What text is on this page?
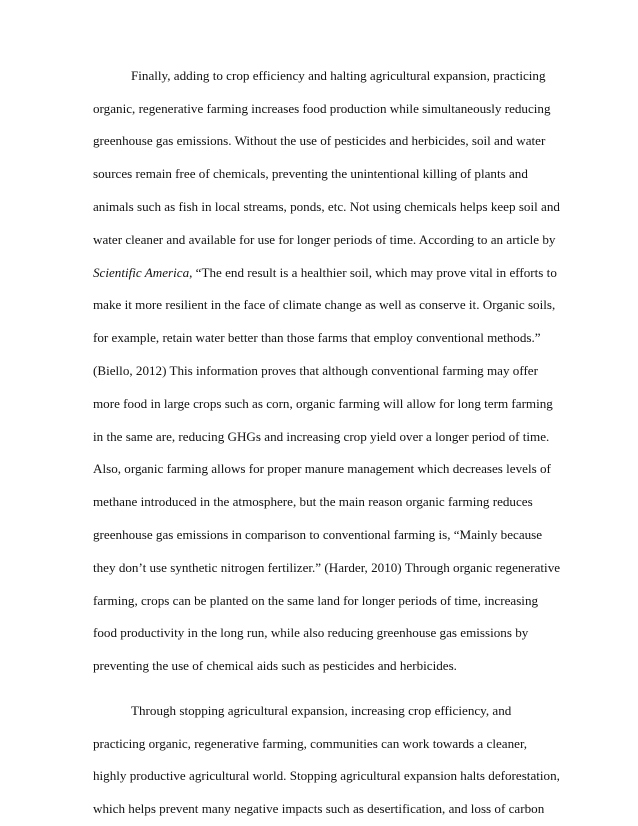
Finally, adding to crop efficiency and halting agricultural expansion, practicing

organic, regenerative farming increases food production while simultaneously reducing

greenhouse gas emissions. Without the use of pesticides and herbicides, soil and water

sources remain free of chemicals, preventing the unintentional killing of plants and

animals such as fish in local streams, ponds, etc. Not using chemicals helps keep soil and

water cleaner and available for use for longer periods of time. According to an article by

Scientific America, “The end result is a healthier soil, which may prove vital in efforts to

make it more resilient in the face of climate change as well as conserve it. Organic soils,

for example, retain water better than those farms that employ conventional methods.”

(Biello, 2012) This information proves that although conventional farming may offer

more food in large crops such as corn, organic farming will allow for long term farming

in the same are, reducing GHGs and increasing crop yield over a longer period of time.

Also, organic farming allows for proper manure management which decreases levels of

methane introduced in the atmosphere, but the main reason organic farming reduces

greenhouse gas emissions in comparison to conventional farming is, “Mainly because

they don’t use synthetic nitrogen fertilizer.” (Harder, 2010) Through organic regenerative

farming, crops can be planted on the same land for longer periods of time, increasing

food productivity in the long run, while also reducing greenhouse gas emissions by

preventing the use of chemical aids such as pesticides and herbicides.

Through stopping agricultural expansion, increasing crop efficiency, and

practicing organic, regenerative farming, communities can work towards a cleaner,

highly productive agricultural world. Stopping agricultural expansion halts deforestation,

which helps prevent many negative impacts such as desertification, and loss of carbon
